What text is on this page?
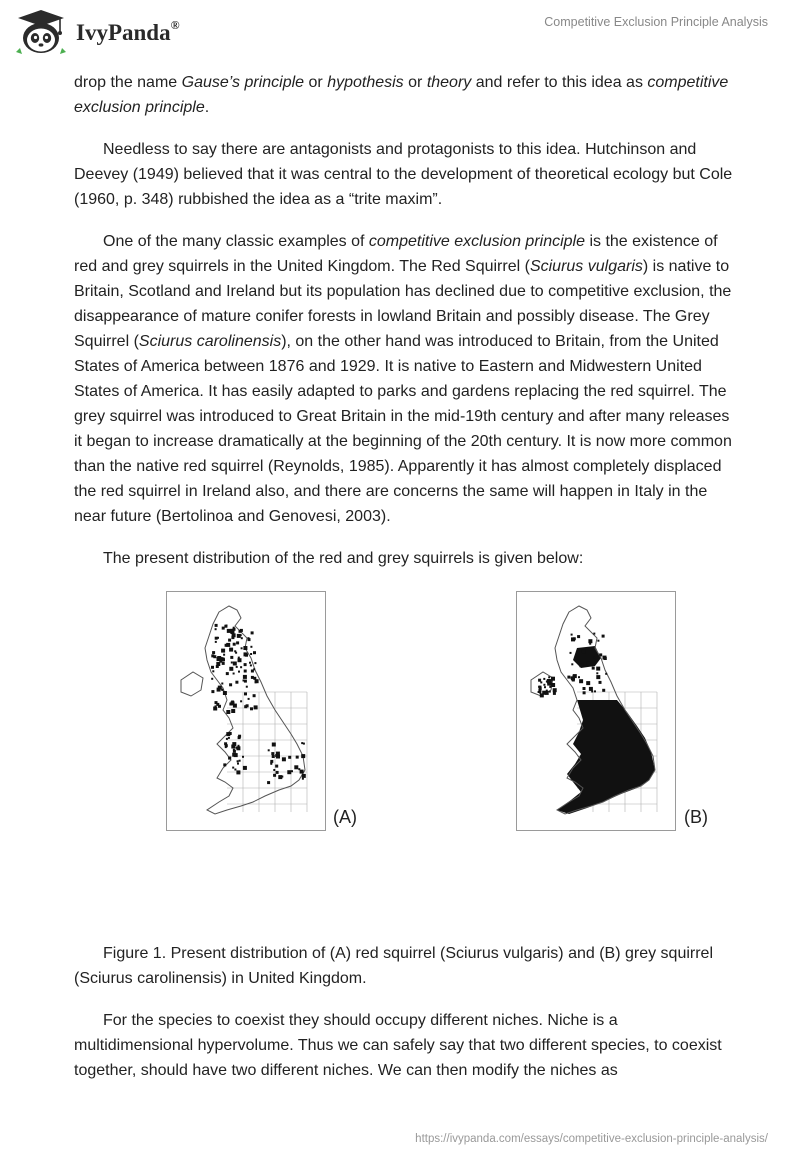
IvyPanda®	Competitive Exclusion Principle Analysis

drop the name Gause’s principle or hypothesis or theory and refer to this idea as competitive exclusion principle.

Needless to say there are antagonists and protagonists to this idea. Hutchinson and Deevey (1949) believed that it was central to the development of theoretical ecology but Cole (1960, p. 348) rubbished the idea as a “trite maxim”.

One of the many classic examples of competitive exclusion principle is the existence of red and grey squirrels in the United Kingdom. The Red Squirrel (Sciurus vulgaris) is native to Britain, Scotland and Ireland but its population has declined due to competitive exclusion, the disappearance of mature conifer forests in lowland Britain and possibly disease. The Grey Squirrel (Sciurus carolinensis), on the other hand was introduced to Britain, from the United States of America between 1876 and 1929. It is native to Eastern and Midwestern United States of America. It has easily adapted to parks and gardens replacing the red squirrel. The grey squirrel was introduced to Great Britain in the mid-19th century and after many releases it began to increase dramatically at the beginning of the 20th century. It is now more common than the native red squirrel (Reynolds, 1985). Apparently it has almost completely displaced the red squirrel in Ireland also, and there are concerns the same will happen in Italy in the near future (Bertolinoa and Genovesi, 2003).

The present distribution of the red and grey squirrels is given below:

(A)	(B)

Figure 1. Present distribution of (A) red squirrel (Sciurus vulgaris) and (B) grey squirrel (Sciurus carolinensis) in United Kingdom.

For the species to coexist they should occupy different niches. Niche is a multidimensional hypervolume. Thus we can safely say that two different species, to coexist together, should have two different niches. We can then modify the niches as

https://ivypanda.com/essays/competitive-exclusion-principle-analysis/
